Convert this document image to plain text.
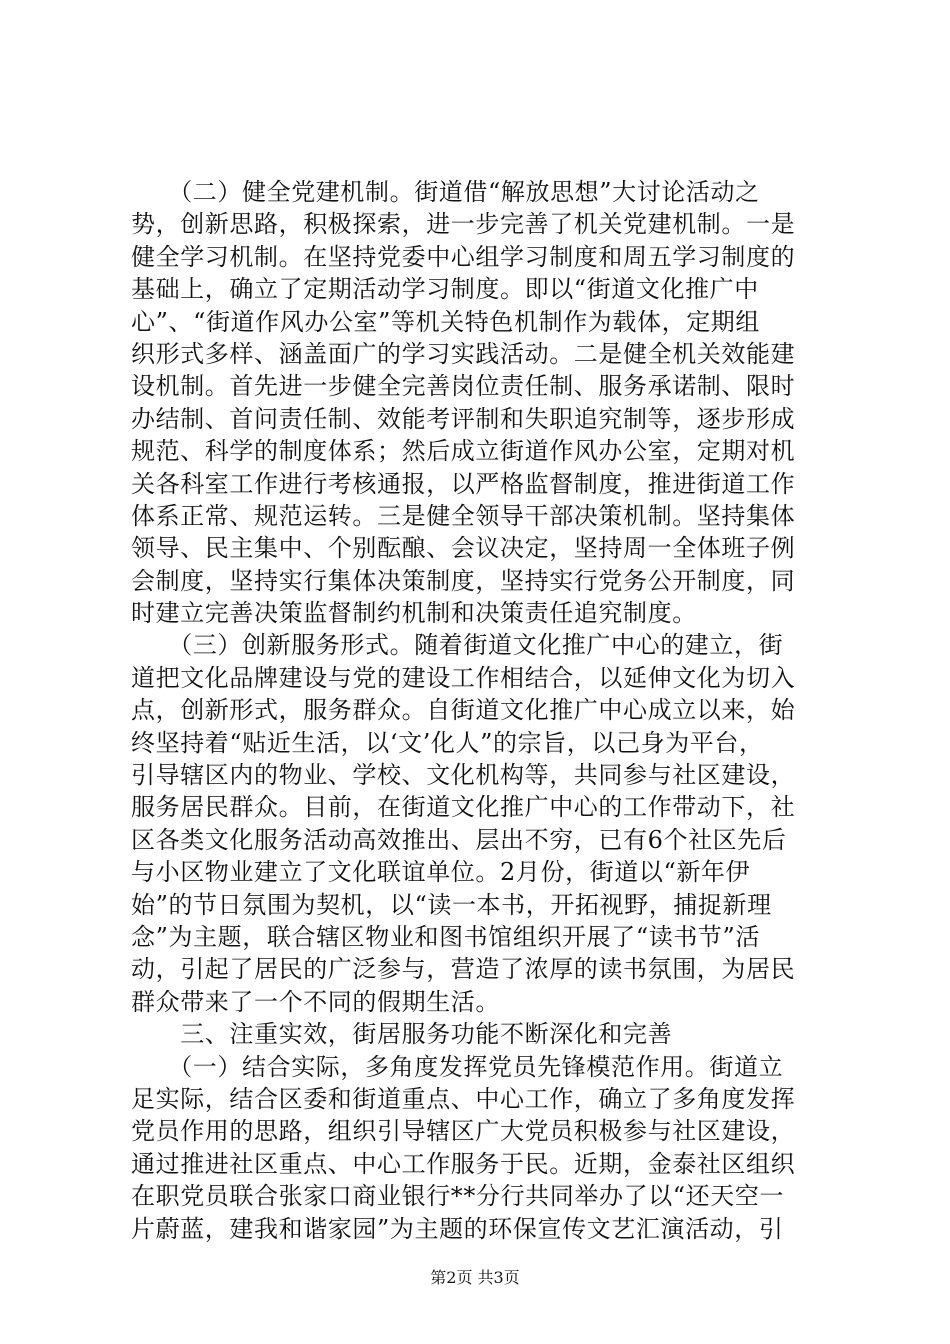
　　（二）健全党建机制。街道借“解放思想”大讨论活动之
势，创新思路，积极探索，进一步完善了机关党建机制。一是
健全学习机制。在坚持党委中心组学习制度和周五学习制度的
基础上，确立了定期活动学习制度。即以“街道文化推广中
心”、“街道作风办公室”等机关特色机制作为载体，定期组
织形式多样、涵盖面广的学习实践活动。二是健全机关效能建
设机制。首先进一步健全完善岗位责任制、服务承诺制、限时
办结制、首问责任制、效能考评制和失职追究制等，逐步形成
规范、科学的制度体系；然后成立街道作风办公室，定期对机
关各科室工作进行考核通报，以严格监督制度，推进街道工作
体系正常、规范运转。三是健全领导干部决策机制。坚持集体
领导、民主集中、个别酝酿、会议决定，坚持周一全体班子例
会制度，坚持实行集体决策制度，坚持实行党务公开制度，同
时建立完善决策监督制约机制和决策责任追究制度。
　　（三）创新服务形式。随着街道文化推广中心的建立，街
道把文化品牌建设与党的建设工作相结合，以延伸文化为切入
点，创新形式，服务群众。自街道文化推广中心成立以来，始
终坚持着“贴近生活，以‘文’化人”的宗旨，以己身为平台，
引导辖区内的物业、学校、文化机构等，共同参与社区建设，
服务居民群众。目前，在街道文化推广中心的工作带动下，社
区各类文化服务活动高效推出、层出不穷，已有6个社区先后
与小区物业建立了文化联谊单位。2月份，街道以“新年伊
始”的节日氛围为契机，以“读一本书，开拓视野，捕捉新理
念”为主题，联合辖区物业和图书馆组织开展了“读书节”活
动，引起了居民的广泛参与，营造了浓厚的读书氛围，为居民
群众带来了一个不同的假期生活。
　　三、注重实效，街居服务功能不断深化和完善
　　（一）结合实际，多角度发挥党员先锋模范作用。街道立
足实际，结合区委和街道重点、中心工作，确立了多角度发挥
党员作用的思路，组织引导辖区广大党员积极参与社区建设，
通过推进社区重点、中心工作服务于民。近期，金泰社区组织
在职党员联合张家口商业银行**分行共同举办了以“还天空一
片蔚蓝，建我和谐家园”为主题的环保宣传文艺汇演活动，引
第2页 共3页
